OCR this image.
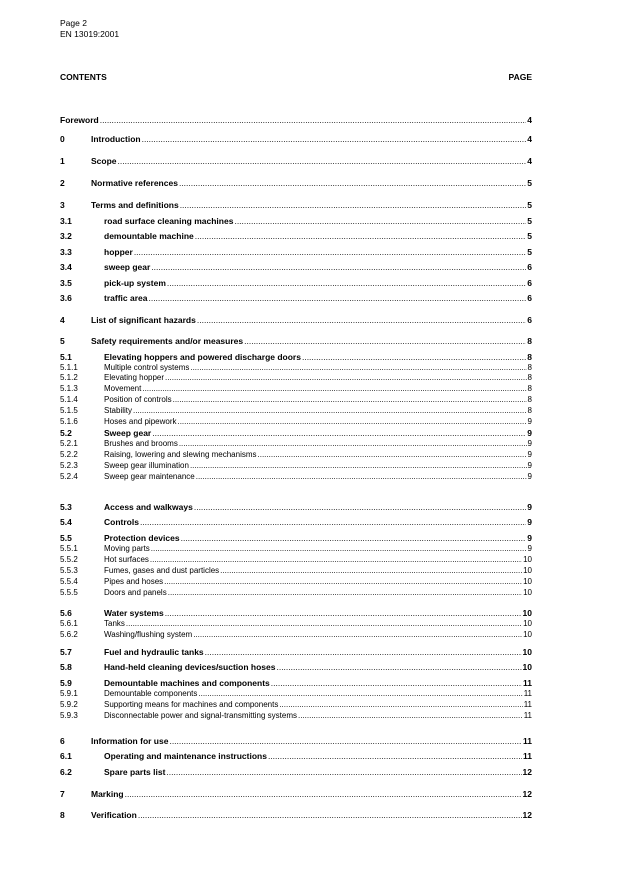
Page 2
EN 13019:2001
CONTENTS	PAGE
Foreword .....	4
0	Introduction .....	4
1	Scope .....	4
2	Normative references .....	5
3	Terms and definitions .....	5
3.1	road surface cleaning machines .....	5
3.2	demountable machine .....	5
3.3	hopper .....	5
3.4	sweep gear .....	6
3.5	pick-up system .....	6
3.6	traffic area .....	6
4	List of significant hazards .....	6
5	Safety requirements and/or measures .....	8
5.1	Elevating hoppers and powered discharge doors .....	8
5.1.1	Multiple control systems .....	8
5.1.2	Elevating hopper .....	8
5.1.3	Movement .....	8
5.1.4	Position of controls .....	8
5.1.5	Stability .....	8
5.1.6	Hoses and pipework .....	9
5.2	Sweep gear .....	9
5.2.1	Brushes and brooms .....	9
5.2.2	Raising, lowering and slewing mechanisms .....	9
5.2.3	Sweep gear illumination .....	9
5.2.4	Sweep gear maintenance .....	9
5.3	Access and walkways .....	9
5.4	Controls .....	9
5.5	Protection devices .....	9
5.5.1	Moving parts .....	9
5.5.2	Hot surfaces .....	10
5.5.3	Fumes, gases and dust particles .....	10
5.5.4	Pipes and hoses .....	10
5.5.5	Doors and panels .....	10
5.6	Water systems .....	10
5.6.1	Tanks .....	10
5.6.2	Washing/flushing system .....	10
5.7	Fuel and hydraulic tanks .....	10
5.8	Hand-held cleaning devices/suction hoses .....	10
5.9	Demountable machines and components .....	11
5.9.1	Demountable components .....	11
5.9.2	Supporting means for machines and components .....	11
5.9.3	Disconnectable power and signal-transmitting systems .....	11
6	Information for use .....	11
6.1	Operating and maintenance instructions .....	11
6.2	Spare parts list .....	12
7	Marking .....	12
8	Verification .....	12
